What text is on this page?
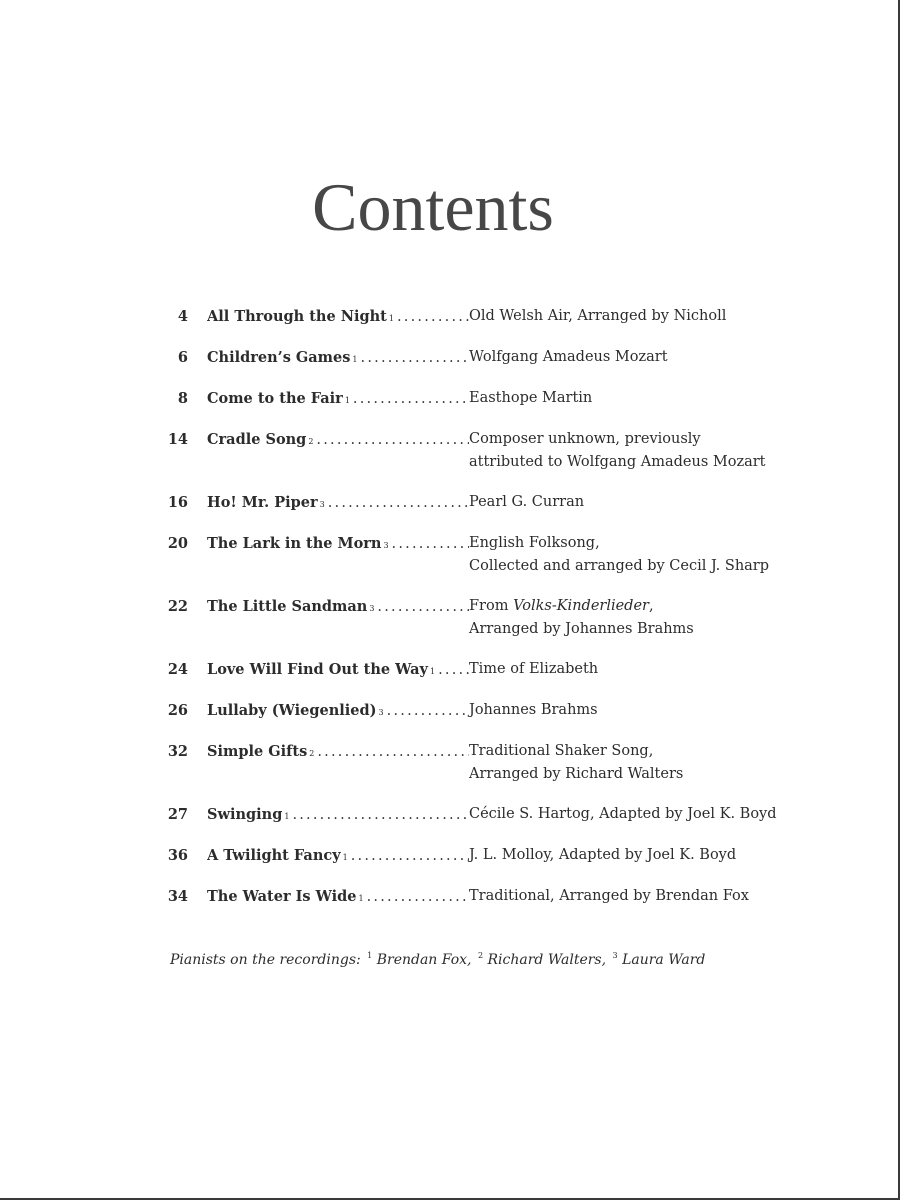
Contents
4 All Through the Night 1 .....	Old Welsh Air, Arranged by Nicholl
6 Children’s Games 1 .....	Wolfgang Amadeus Mozart
8 Come to the Fair 1 .....	Easthope Martin
14 Cradle Song 2 .....	Composer unknown, previously
attributed to Wolfgang Amadeus Mozart
16 Ho! Mr. Piper 3 .....	Pearl G. Curran
20 The Lark in the Morn 3 .....	English Folksong,
Collected and arranged by Cecil J. Sharp
22 The Little Sandman 3 .....	From Volks-Kinderlieder,
Arranged by Johannes Brahms
24 Love Will Find Out the Way 1 ..... Time of Elizabeth
26 Lullaby (Wiegenlied) 3 .....	Johannes Brahms
32 Simple Gifts 2 .....	Traditional Shaker Song,
Arranged by Richard Walters
27 Swinging 1 .....	Cécile S. Hartog, Adapted by Joel K. Boyd
36 A Twilight Fancy 1 .....	J. L. Molloy, Adapted by Joel K. Boyd
34 The Water Is Wide 1 .....	Traditional, Arranged by Brendan Fox
Pianists on the recordings: $^1$ Brendan Fox, $^2$ Richard Walters, $^3$ Laura Ward
